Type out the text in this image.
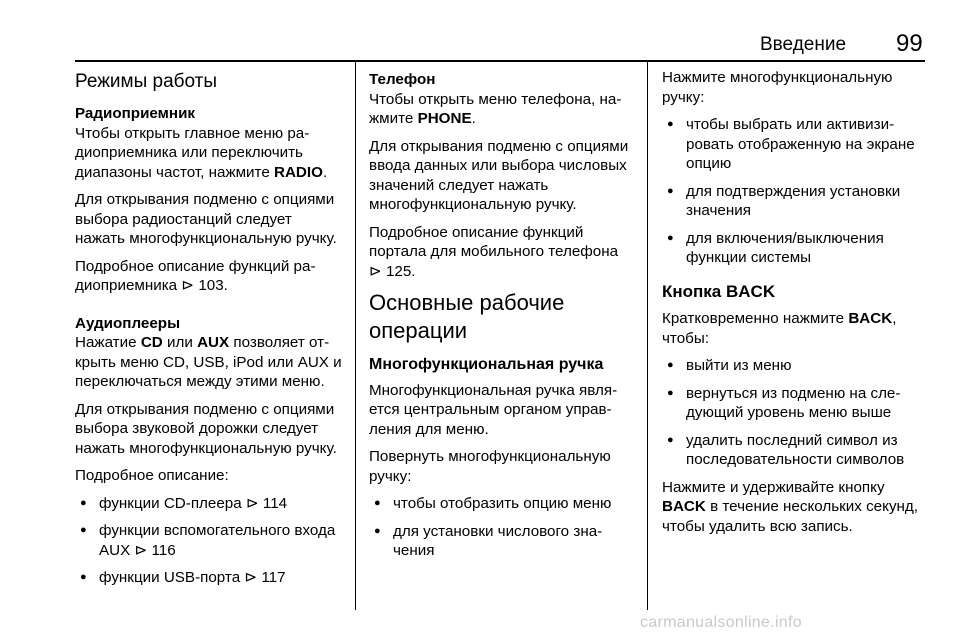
Введение 99
Режимы работы
Радиоприемник

Чтобы открыть главное меню радиоприемника или переключить диапазоны частот, нажмите RADIO.

Для открывания подменю с опциями выбора радиостанций следует нажать многофункциональную ручку.

Подробное описание функций радиоприемника ⊳ 103.

Аудиоплееры

Нажатие CD или AUX позволяет открыть меню CD, USB, iPod или AUX и переключаться между этими меню.

Для открывания подменю с опциями выбора звуковой дорожки следует нажать многофункциональную ручку.

Подробное описание:

● функции CD-плеера ⊳ 114
● функции вспомогательного входа AUX ⊳ 116
● функции USB-порта ⊳ 117
Телефон

Чтобы открыть меню телефона, нажмите PHONE.

Для открывания подменю с опциями ввода данных или выбора числовых значений следует нажать многофункциональную ручку.

Подробное описание функций портала для мобильного телефона ⊳ 125.

Основные рабочие операции
Многофункциональная ручка

Многофункциональная ручка является центральным органом управления для меню.

Повернуть многофункциональную ручку:

● чтобы отобразить опцию меню
● для установки числового значения

Нажмите многофункциональную ручку:

● чтобы выбрать или активизировать отображенную на экране опцию
● для подтверждения установки значения
● для включения/выключения функции системы
Кнопка BACK

Кратковременно нажмите BACK, чтобы:

● выйти из меню
● вернуться из подменю на следующий уровень меню выше
● удалить последний символ из последовательности символов

Нажмите и удерживайте кнопку BACK в течение нескольких секунд, чтобы удалить всю запись.

carmanualsonline.info
